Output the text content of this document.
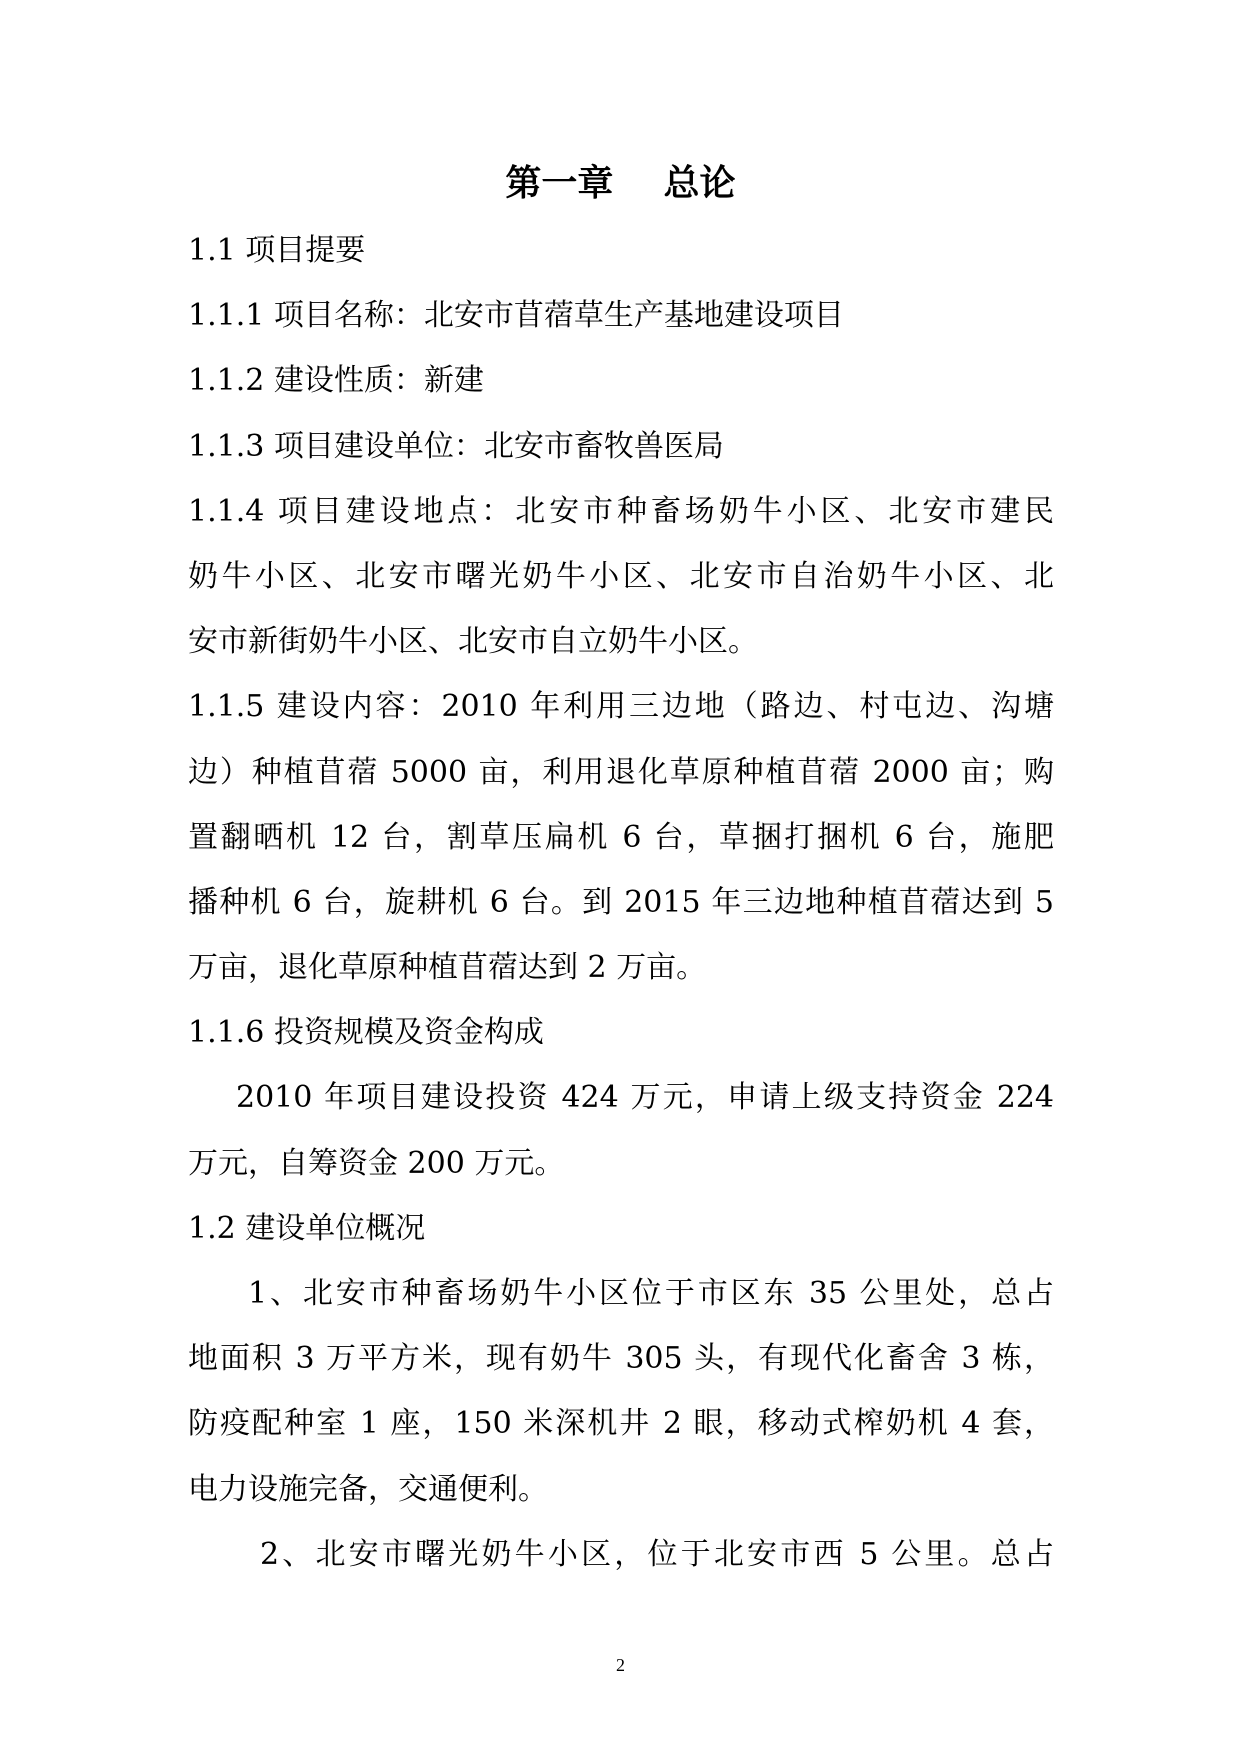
第一章    总论
1.1 项目提要
1.1.1 项目名称：北安市苜蓿草生产基地建设项目
1.1.2 建设性质：新建
1.1.3 项目建设单位：北安市畜牧兽医局
1.1.4 项目建设地点：北安市种畜场奶牛小区、北安市建民
奶牛小区、北安市曙光奶牛小区、北安市自治奶牛小区、北
安市新街奶牛小区、北安市自立奶牛小区。
1.1.5 建设内容：2010 年利用三边地（路边、村屯边、沟塘
边）种植苜蓿 5000 亩，利用退化草原种植苜蓿 2000 亩；购
置翻晒机 12 台，割草压扁机 6 台，草捆打捆机 6 台，施肥
播种机 6 台，旋耕机 6 台。到 2015 年三边地种植苜蓿达到 5
万亩，退化草原种植苜蓿达到 2 万亩。
1.1.6 投资规模及资金构成
2010 年项目建设投资 424 万元，申请上级支持资金 224
万元，自筹资金 200 万元。
1.2 建设单位概况
1、北安市种畜场奶牛小区位于市区东 35 公里处，总占
地面积 3 万平方米，现有奶牛 305 头，有现代化畜舍 3 栋，
防疫配种室 1 座，150 米深机井 2 眼，移动式榨奶机 4 套，
电力设施完备，交通便利。
2、北安市曙光奶牛小区，位于北安市西 5 公里。总占
2
